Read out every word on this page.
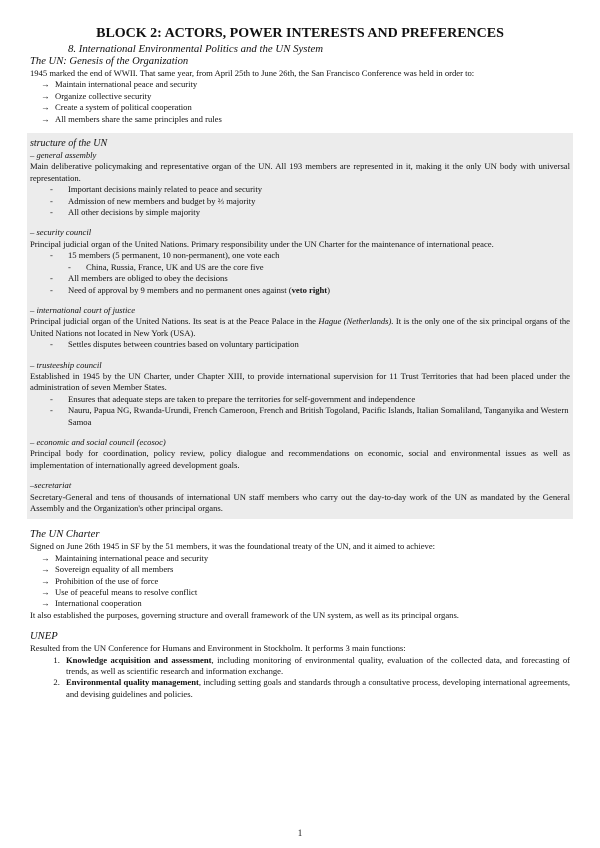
BLOCK 2: ACTORS, POWER INTERESTS AND PREFERENCES
8. International Environmental Politics and the UN System
The UN: Genesis of the Organization

1945 marked the end of WWII. That same year, from April 25th to June 26th, the San Francisco Conference was held in order to:

→ Maintain international peace and security
→ Organize collective security
→ Create a system of political cooperation
→ All members share the same principles and rules
structure of the UN
– general assembly

Main deliberative policymaking and representative organ of the UN. All 193 members are represented in it, making it the only UN body with universal representation.

- Important decisions mainly related to peace and security
- Admission of new members and budget by ⅔ majority
- All other decisions by simple majority
– security council

Principal judicial organ of the United Nations. Primary responsibility under the UN Charter for the maintenance of international peace.

- 15 members (5 permanent, 10 non-permanent), one vote each
- China, Russia, France, UK and US are the core five
- All members are obliged to obey the decisions
- Need of approval by 9 members and no permanent ones against (veto right)
– international court of justice

Principal judicial organ of the United Nations. Its seat is at the Peace Palace in the Hague (Netherlands). It is the only one of the six principal organs of the United Nations not located in New York (USA).

- Settles disputes between countries based on voluntary participation
– trusteeship council

Established in 1945 by the UN Charter, under Chapter XIII, to provide international supervision for 11 Trust Territories that had been placed under the administration of seven Member States.

- Ensures that adequate steps are taken to prepare the territories for self-government and independence
- Nauru, Papua NG, Rwanda-Urundi, French Cameroon, French and British Togoland, Pacific Islands, Italian Somaliland, Tanganyika and Western Samoa
– economic and social council (ecosoc)

Principal body for coordination, policy review, policy dialogue and recommendations on economic, social and environmental issues as well as implementation of internationally agreed development goals.

–secretariat

Secretary-General and tens of thousands of international UN staff members who carry out the day-to-day work of the UN as mandated by the General Assembly and the Organization's other principal organs.

The UN Charter

Signed on June 26th 1945 in SF by the 51 members, it was the foundational treaty of the UN, and it aimed to achieve:

→ Maintaining international peace and security
→ Sovereign equality of all members
→ Prohibition of the use of force
→ Use of peaceful means to resolve conflict
→ International cooperation

It also established the purposes, governing structure and overall framework of the UN system, as well as its principal organs.

UNEP

Resulted from the UN Conference for Humans and Environment in Stockholm. It performs 3 main functions:

1. Knowledge acquisition and assessment, including monitoring of environmental quality, evaluation of the collected data, and forecasting of trends, as well as scientific research and information exchange.
2. Environmental quality management, including setting goals and standards through a consultative process, developing international agreements, and devising guidelines and policies.
1
